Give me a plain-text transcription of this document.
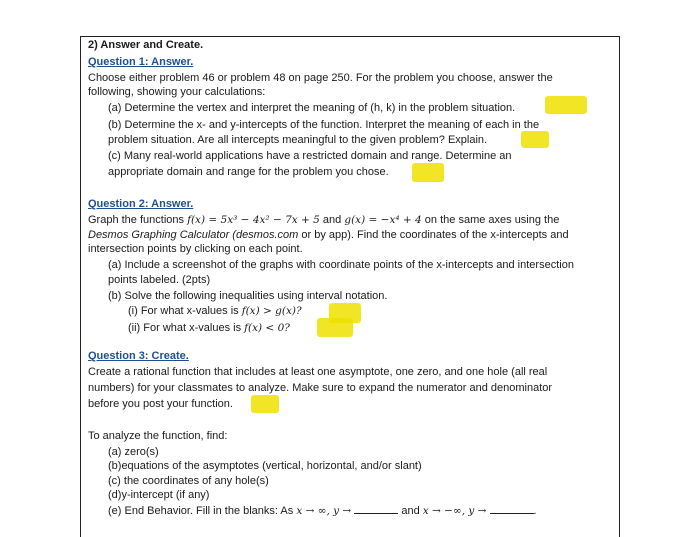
2) Answer and Create.
Question 1: Answer.
Choose either problem 46 or problem 48 on page 250. For the problem you choose, answer the
following, showing your calculations:
(a) Determine the vertex and interpret the meaning of (h, k) in the problem situation.
(b) Determine the x- and y-intercepts of the function. Interpret the meaning of each in the
problem situation. Are all intercepts meaningful to the given problem? Explain.
(c) Many real-world applications have a restricted domain and range. Determine an
appropriate domain and range for the problem you chose.
Question 2: Answer.
Graph the functions f(x) = 5x³ − 4x² − 7x + 5 and g(x) = −x⁴ + 4 on the same axes using the
Desmos Graphing Calculator (desmos.com or by app). Find the coordinates of the x-intercepts and
intersection points by clicking on each point.
(a) Include a screenshot of the graphs with coordinate points of the x-intercepts and intersection
points labeled. (2pts)
(b) Solve the following inequalities using interval notation.
(i) For what x-values is f(x) > g(x)?
(ii) For what x-values is f(x) < 0?
Question 3: Create.
Create a rational function that includes at least one asymptote, one zero, and one hole (all real
numbers) for your classmates to analyze. Make sure to expand the numerator and denominator
before you post your function.
To analyze the function, find:
(a) zero(s)
(b)equations of the asymptotes (vertical, horizontal, and/or slant)
(c) the coordinates of any hole(s)
(d)y-intercept (if any)
(e) End Behavior. Fill in the blanks: As x → ∞, y →	and x → −∞, y →	.
